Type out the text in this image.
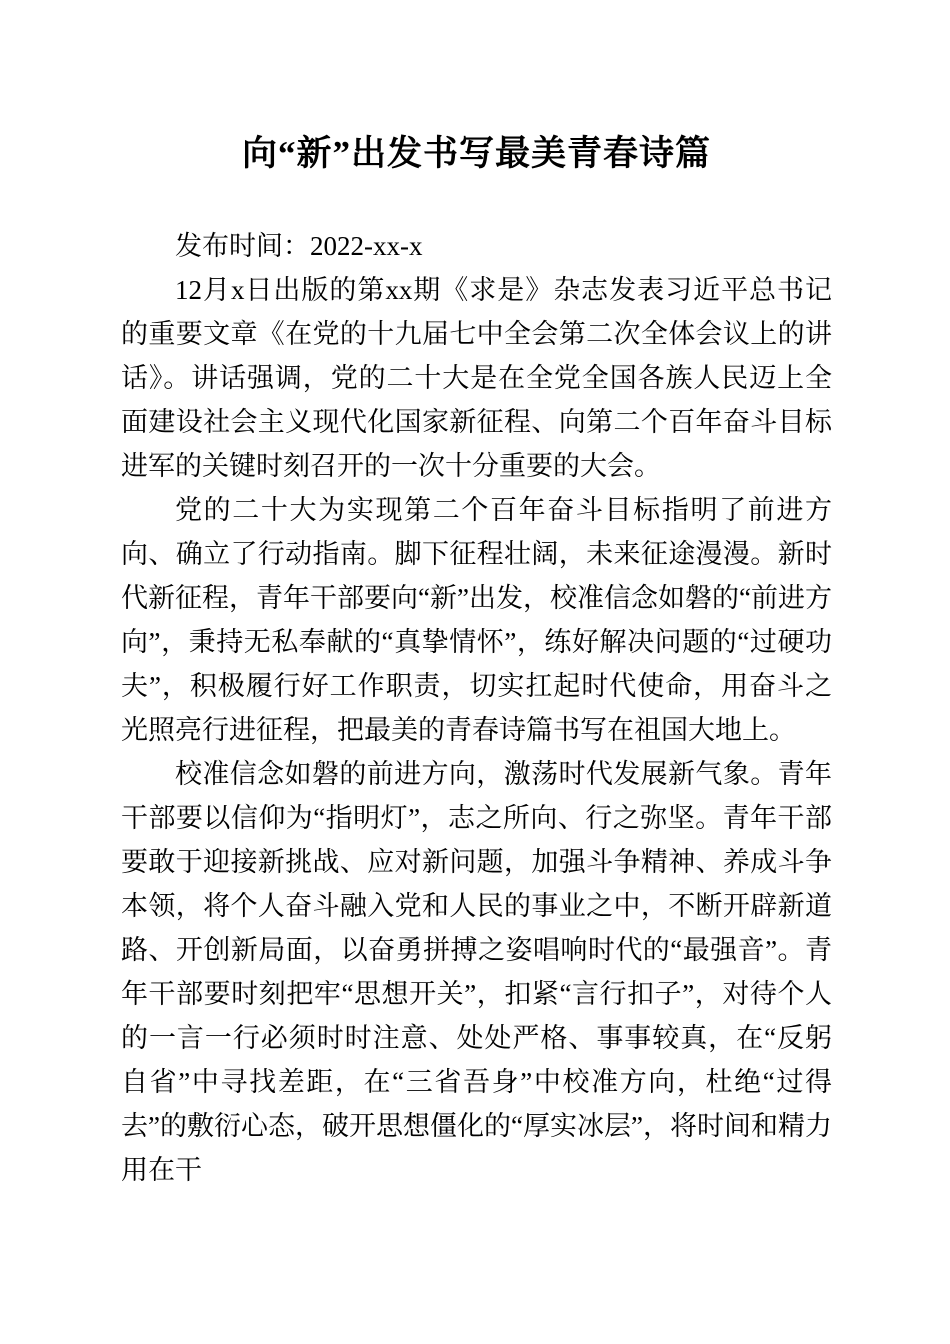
向“新”出发书写最美青春诗篇

发布时间：2022-xx-x

12月x日出版的第xx期《求是》杂志发表习近平总书记的重要文章《在党的十九届七中全会第二次全体会议上的讲话》。讲话强调，党的二十大是在全党全国各族人民迈上全面建设社会主义现代化国家新征程、向第二个百年奋斗目标进军的关键时刻召开的一次十分重要的大会。

党的二十大为实现第二个百年奋斗目标指明了前进方向、确立了行动指南。脚下征程壮阔，未来征途漫漫。新时代新征程，青年干部要向“新”出发，校准信念如磐的“前进方向”，秉持无私奉献的“真挚情怀”，练好解决问题的“过硬功夫”，积极履行好工作职责，切实扛起时代使命，用奋斗之光照亮行进征程，把最美的青春诗篇书写在祖国大地上。

校准信念如磐的前进方向，激荡时代发展新气象。青年干部要以信仰为“指明灯”，志之所向、行之弥坚。青年干部要敢于迎接新挑战、应对新问题，加强斗争精神、养成斗争本领，将个人奋斗融入党和人民的事业之中，不断开辟新道路、开创新局面，以奋勇拼搏之姿唱响时代的“最强音”。青年干部要时刻把牢“思想开关”，扣紧“言行扣子”，对待个人的一言一行必须时时注意、处处严格、事事较真，在“反躬自省”中寻找差距，在“三省吾身”中校准方向，杜绝“过得去”的敷衍心态，破开思想僵化的“厚实冰层”，将时间和精力用在干
